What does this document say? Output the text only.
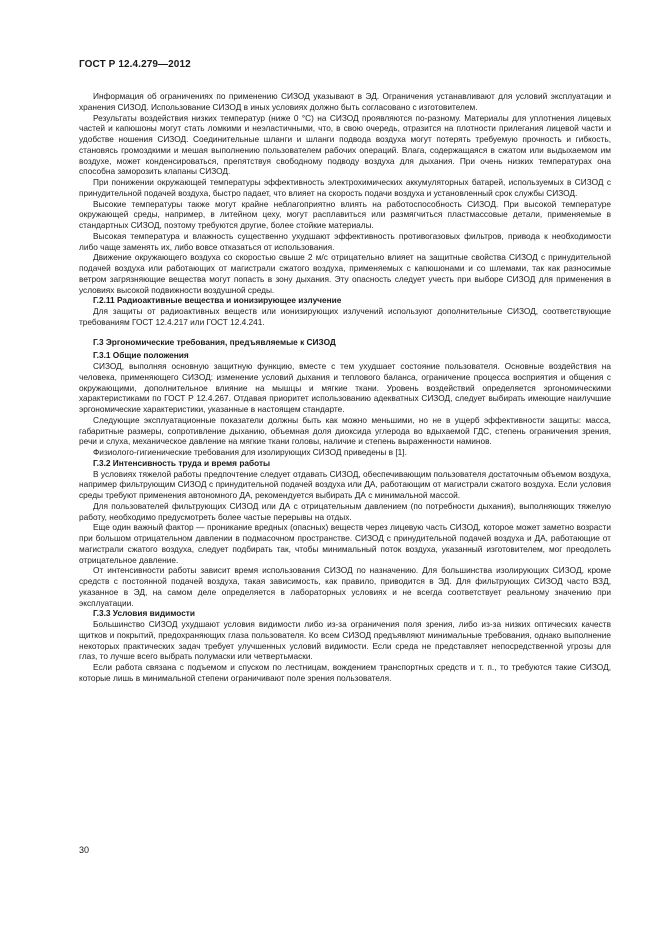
ГОСТ Р 12.4.279—2012

Информация об ограничениях по применению СИЗОД указывают в ЭД. Ограничения устанавливают для условий эксплуатации и хранения СИЗОД. Использование СИЗОД в иных условиях должно быть согласовано с изготовителем.

Результаты воздействия низких температур (ниже 0 °С) на СИЗОД проявляются по-разному. Материалы для уплотнения лицевых частей и капюшоны могут стать ломкими и неэластичными, что, в свою очередь, отразится на плотности прилегания лицевой части и удобстве ношения СИЗОД. Соединительные шланги и шланги подвода воздуха могут потерять требуемую прочность и гибкость, становясь громоздкими и мешая выполнению пользователем рабочих операций. Влага, содержащаяся в сжатом или выдыхаемом им воздухе, может конденсироваться, препятствуя свободному подводу воздуха для дыхания. При очень низких температурах она способна заморозить клапаны СИЗОД.

При понижении окружающей температуры эффективность электрохимических аккумуляторных батарей, используемых в СИЗОД с принудительной подачей воздуха, быстро падает, что влияет на скорость подачи воздуха и установленный срок службы СИЗОД.

Высокие температуры также могут крайне неблагоприятно влиять на работоспособность СИЗОД. При высокой температуре окружающей среды, например, в литейном цеху, могут расплавиться или размягчиться пластмассовые детали, применяемые в стандартных СИЗОД, поэтому требуются другие, более стойкие материалы.

Высокая температура и влажность существенно ухудшают эффективность противогазовых фильтров, привода к необходимости либо чаще заменять их, либо вовсе отказаться от использования.

Движение окружающего воздуха со скоростью свыше 2 м/с отрицательно влияет на защитные свойства СИЗОД с принудительной подачей воздуха или работающих от магистрали сжатого воздуха, применяемых с капюшонами и со шлемами, так как разносимые ветром загрязняющие вещества могут попасть в зону дыхания. Эту опасность следует учесть при выборе СИЗОД для применения в условиях высокой подвижности воздушной среды.

Г.2.11 Радиоактивные вещества и ионизирующее излучение

Для защиты от радиоактивных веществ или ионизирующих излучений используют дополнительные СИЗОД, соответствующие требованиям ГОСТ 12.4.217 или ГОСТ 12.4.241.

Г.3 Эргономические требования, предъявляемые к СИЗОД

Г.3.1 Общие положения

СИЗОД, выполняя основную защитную функцию, вместе с тем ухудшает состояние пользователя. Основные воздействия на человека, применяющего СИЗОД: изменение условий дыхания и теплового баланса, ограничение процесса восприятия и общения с окружающими, дополнительное влияние на мышцы и мягкие ткани. Уровень воздействий определяется эргономическими характеристиками по ГОСТ Р 12.4.267. Отдавая приоритет использованию адекватных СИЗОД, следует выбирать имеющие наилучшие эргономические характеристики, указанные в настоящем стандарте.

Следующие эксплуатационные показатели должны быть как можно меньшими, но не в ущерб эффективности защиты: масса, габаритные размеры, сопротивление дыханию, объемная доля диоксида углерода во вдыхаемой ГДС, степень ограничения зрения, речи и слуха, механическое давление на мягкие ткани головы, наличие и степень выраженности наминов.

Физиолого-гигиенические требования для изолирующих СИЗОД приведены в [1].

Г.3.2 Интенсивность труда и время работы

В условиях тяжелой работы предпочтение следует отдавать СИЗОД, обеспечивающим пользователя достаточным объемом воздуха, например фильтрующим СИЗОД с принудительной подачей воздуха или ДА, работающим от магистрали сжатого воздуха. Если условия среды требуют применения автономного ДА, рекомендуется выбирать ДА с минимальной массой.

Для пользователей фильтрующих СИЗОД или ДА с отрицательным давлением (по потребности дыхания), выполняющих тяжелую работу, необходимо предусмотреть более частые перерывы на отдых.

Еще один важный фактор — проникание вредных (опасных) веществ через лицевую часть СИЗОД, которое может заметно возрасти при большом отрицательном давлении в подмасочном пространстве. СИЗОД с принудительной подачей воздуха и ДА, работающие от магистрали сжатого воздуха, следует подбирать так, чтобы минимальный поток воздуха, указанный изготовителем, мог преодолеть отрицательное давление.

От интенсивности работы зависит время использования СИЗОД по назначению. Для большинства изолирующих СИЗОД, кроме средств с постоянной подачей воздуха, такая зависимость, как правило, приводится в ЭД. Для фильтрующих СИЗОД часто ВЗД, указанное в ЭД, на самом деле определяется в лабораторных условиях и не всегда соответствует реальному значению при эксплуатации.

Г.3.3 Условия видимости

Большинство СИЗОД ухудшают условия видимости либо из-за ограничения поля зрения, либо из-за низких оптических качеств щитков и покрытий, предохраняющих глаза пользователя. Ко всем СИЗОД предъявляют минимальные требования, однако выполнение некоторых практических задач требует улучшенных условий видимости. Если среда не представляет непосредственной угрозы для глаз, то лучше всего выбрать полумаски или четвертьмаски.

Если работа связана с подъемом и спуском по лестницам, вождением транспортных средств и т. п., то требуются такие СИЗОД, которые лишь в минимальной степени ограничивают поле зрения пользователя.

30
